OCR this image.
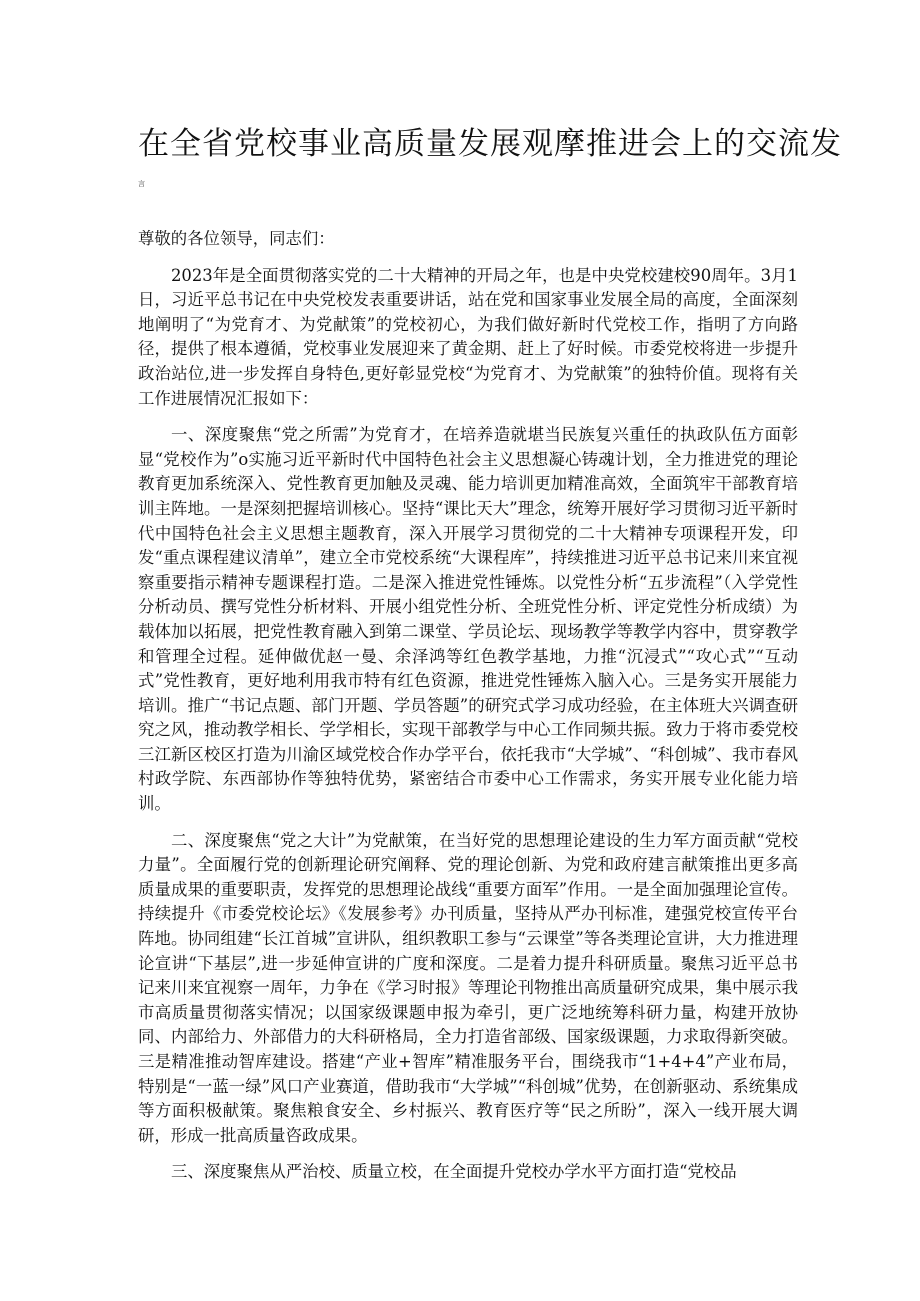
在全省党校事业高质量发展观摩推进会上的交流发
言

尊敬的各位领导，同志们：

2023年是全面贯彻落实党的二十大精神的开局之年，也是中央党校建校90周年。3月1日，习近平总书记在中央党校发表重要讲话，站在党和国家事业发展全局的高度，全面深刻地阐明了“为党育才、为党献策”的党校初心，为我们做好新时代党校工作，指明了方向路径，提供了根本遵循，党校事业发展迎来了黄金期、赶上了好时候。市委党校将进一步提升政治站位,进一步发挥自身特色,更好彰显党校“为党育才、为党献策”的独特价值。现将有关工作进展情况汇报如下：

一、深度聚焦“党之所需”为党育才，在培养造就堪当民族复兴重任的执政队伍方面彰显“党校作为”o实施习近平新时代中国特色社会主义思想凝心铸魂计划，全力推进党的理论教育更加系统深入、党性教育更加触及灵魂、能力培训更加精准高效，全面筑牢干部教育培训主阵地。一是深刻把握培训核心。坚持“课比天大”理念，统筹开展好学习贯彻习近平新时代中国特色社会主义思想主题教育，深入开展学习贯彻党的二十大精神专项课程开发，印发“重点课程建议清单”，建立全市党校系统“大课程库”，持续推进习近平总书记来川来宜视察重要指示精神专题课程打造。二是深入推进党性锤炼。以党性分析“五步流程”（入学党性分析动员、撰写党性分析材料、开展小组党性分析、全班党性分析、评定党性分析成绩）为载体加以拓展，把党性教育融入到第二课堂、学员论坛、现场教学等教学内容中，贯穿教学和管理全过程。延伸做优赵一曼、余泽鸿等红色教学基地，力推“沉浸式”“攻心式”“互动式”党性教育，更好地利用我市特有红色资源，推进党性锤炼入脑入心。三是务实开展能力培训。推广“书记点题、部门开题、学员答题”的研究式学习成功经验，在主体班大兴调查研究之风，推动教学相长、学学相长，实现干部教学与中心工作同频共振。致力于将市委党校三江新区校区打造为川渝区域党校合作办学平台，依托我市“大学城”、“科创城”、我市春风村政学院、东西部协作等独特优势，紧密结合市委中心工作需求，务实开展专业化能力培训。

二、深度聚焦“党之大计”为党献策，在当好党的思想理论建设的生力军方面贡献“党校力量”。全面履行党的创新理论研究阐释、党的理论创新、为党和政府建言献策推出更多高质量成果的重要职责，发挥党的思想理论战线“重要方面军”作用。一是全面加强理论宣传。持续提升《市委党校论坛》《发展参考》办刊质量，坚持从严办刊标准，建强党校宣传平台阵地。协同组建“长江首城”宣讲队，组织教职工参与“云课堂”等各类理论宣讲，大力推进理论宣讲“下基层”,进一步延伸宣讲的广度和深度。二是着力提升科研质量。聚焦习近平总书记来川来宜视察一周年，力争在《学习时报》等理论刊物推出高质量研究成果，集中展示我市高质量贯彻落实情况；以国家级课题申报为牵引，更广泛地统筹科研力量，构建开放协同、内部给力、外部借力的大科研格局，全力打造省部级、国家级课题，力求取得新突破。三是精准推动智库建设。搭建“产业+智库”精准服务平台，围绕我市“1+4+4”产业布局，特别是“一蓝一绿”风口产业赛道，借助我市“大学城”“科创城”优势，在创新驱动、系统集成等方面积极献策。聚焦粮食安全、乡村振兴、教育医疗等“民之所盼”，深入一线开展大调研，形成一批高质量咨政成果。

三、深度聚焦从严治校、质量立校，在全面提升党校办学水平方面打造“党校品
